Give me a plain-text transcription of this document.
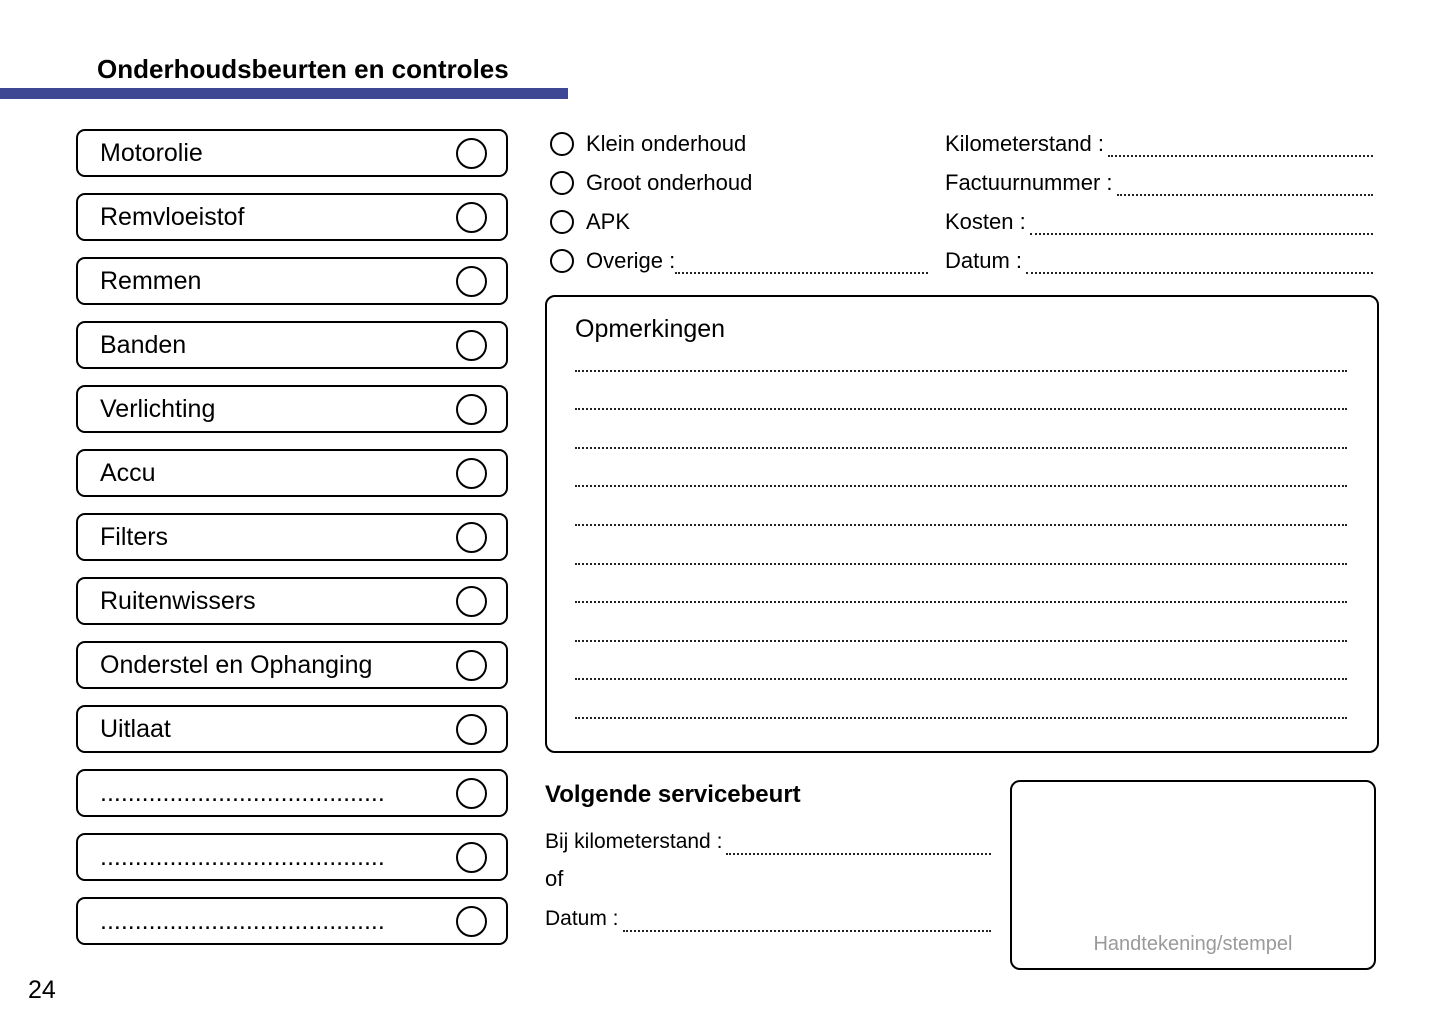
Onderhoudsbeurten en controles
Motorolie
Remvloeistof
Remmen
Banden
Verlichting
Accu
Filters
Ruitenwissers
Onderstel en Ophanging
Uitlaat
.........................................
.........................................
.........................................
Klein onderhoud
Groot onderhoud
APK
Overige :
Kilometerstand :
Factuurnummer :
Kosten :
Datum :
Opmerkingen
Volgende servicebeurt
Bij kilometerstand :
of
Datum :
Handtekening/stempel
24
